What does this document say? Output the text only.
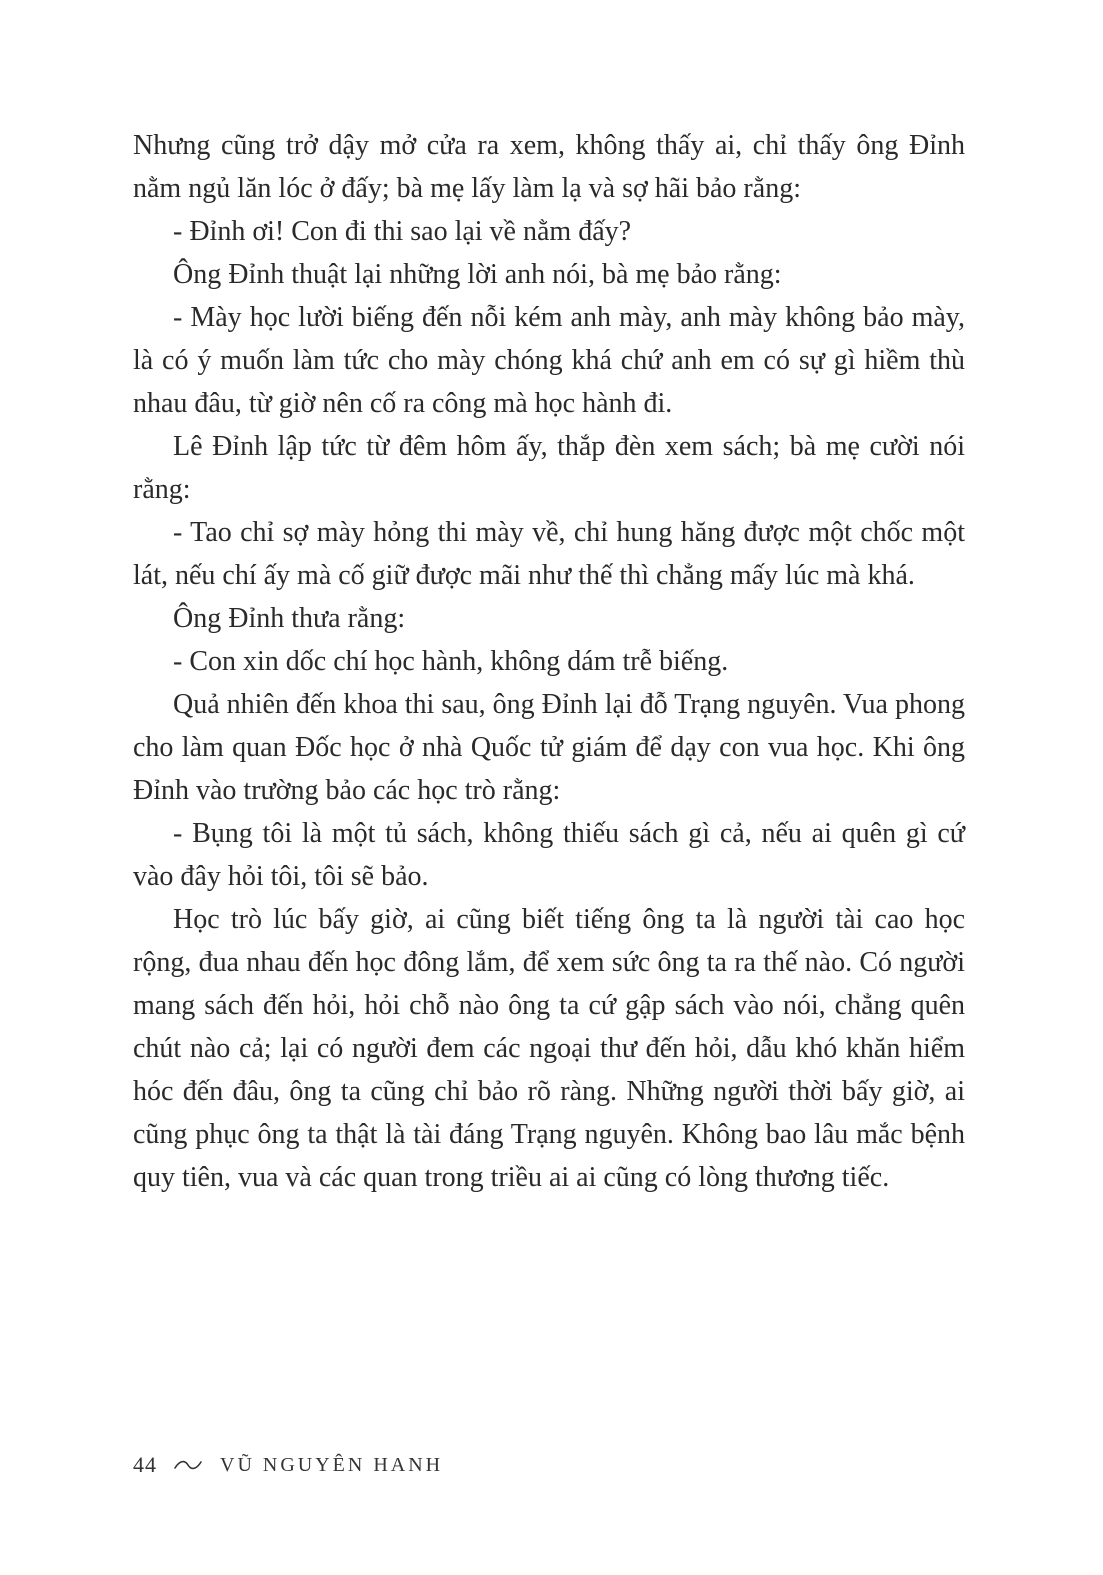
Nhưng cũng trở dậy mở cửa ra xem, không thấy ai, chỉ thấy ông Đỉnh nằm ngủ lăn lóc ở đấy; bà mẹ lấy làm lạ và sợ hãi bảo rằng:

- Đỉnh ơi! Con đi thi sao lại về nằm đấy?

Ông Đỉnh thuật lại những lời anh nói, bà mẹ bảo rằng:

- Mày học lười biếng đến nỗi kém anh mày, anh mày không bảo mày, là có ý muốn làm tức cho mày chóng khá chứ anh em có sự gì hiềm thù nhau đâu, từ giờ nên cố ra công mà học hành đi.

Lê Đỉnh lập tức từ đêm hôm ấy, thắp đèn xem sách; bà mẹ cười nói rằng:

- Tao chỉ sợ mày hỏng thi mày về, chỉ hung hăng được một chốc một lát, nếu chí ấy mà cố giữ được mãi như thế thì chẳng mấy lúc mà khá.

Ông Đỉnh thưa rằng:

- Con xin dốc chí học hành, không dám trễ biếng.

Quả nhiên đến khoa thi sau, ông Đỉnh lại đỗ Trạng nguyên. Vua phong cho làm quan Đốc học ở nhà Quốc tử giám để dạy con vua học. Khi ông Đỉnh vào trường bảo các học trò rằng:

- Bụng tôi là một tủ sách, không thiếu sách gì cả, nếu ai quên gì cứ vào đây hỏi tôi, tôi sẽ bảo.

Học trò lúc bấy giờ, ai cũng biết tiếng ông ta là người tài cao học rộng, đua nhau đến học đông lắm, để xem sức ông ta ra thế nào. Có người mang sách đến hỏi, hỏi chỗ nào ông ta cứ gập sách vào nói, chẳng quên chút nào cả; lại có người đem các ngoại thư đến hỏi, dẫu khó khăn hiểm hóc đến đâu, ông ta cũng chỉ bảo rõ ràng. Những người thời bấy giờ, ai cũng phục ông ta thật là tài đáng Trạng nguyên. Không bao lâu mắc bệnh quy tiên, vua và các quan trong triều ai ai cũng có lòng thương tiếc.

44	VŨ NGUYÊN HANH
